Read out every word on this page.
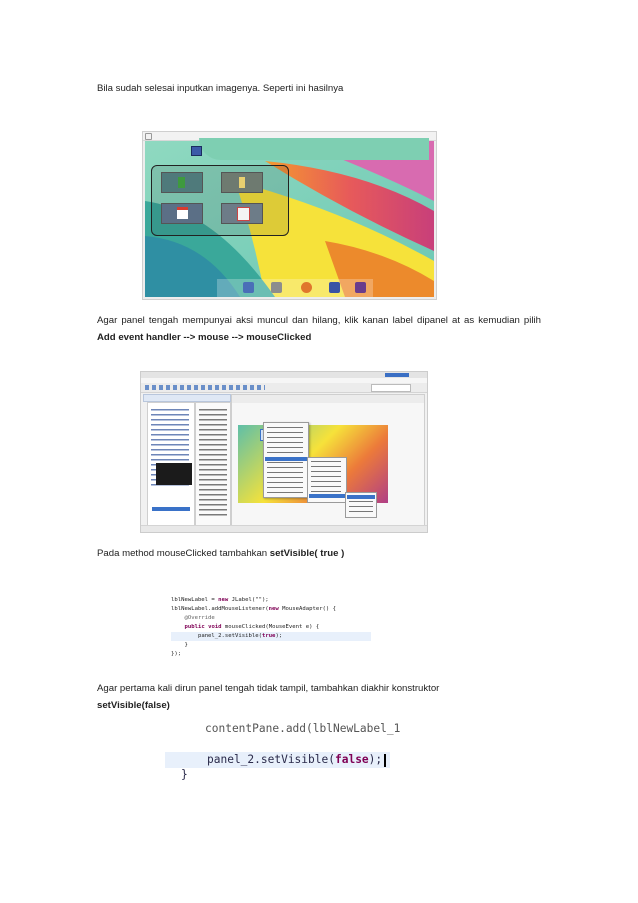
Bila sudah selesai inputkan imagenya. Seperti ini hasilnya
Agar panel tengah mempunyai aksi muncul dan hilang, klik kanan label dipanel at as kemudian pilih Add event handler --> mouse --> mouseClicked
Pada method mouseClicked tambahkan setVisible( true )
lblNewLabel = new JLabel("");
lblNewLabel.addMouseListener(new MouseAdapter() {
@Override
public void mouseClicked(MouseEvent e) {
panel_2.setVisible(true);
}
});
Agar pertama kali dirun panel tengah tidak tampil, tambahkan diakhir konstruktor
setVisible(false)
contentPane.add(lblNewLabel_1
panel_2.setVisible(false);
}
